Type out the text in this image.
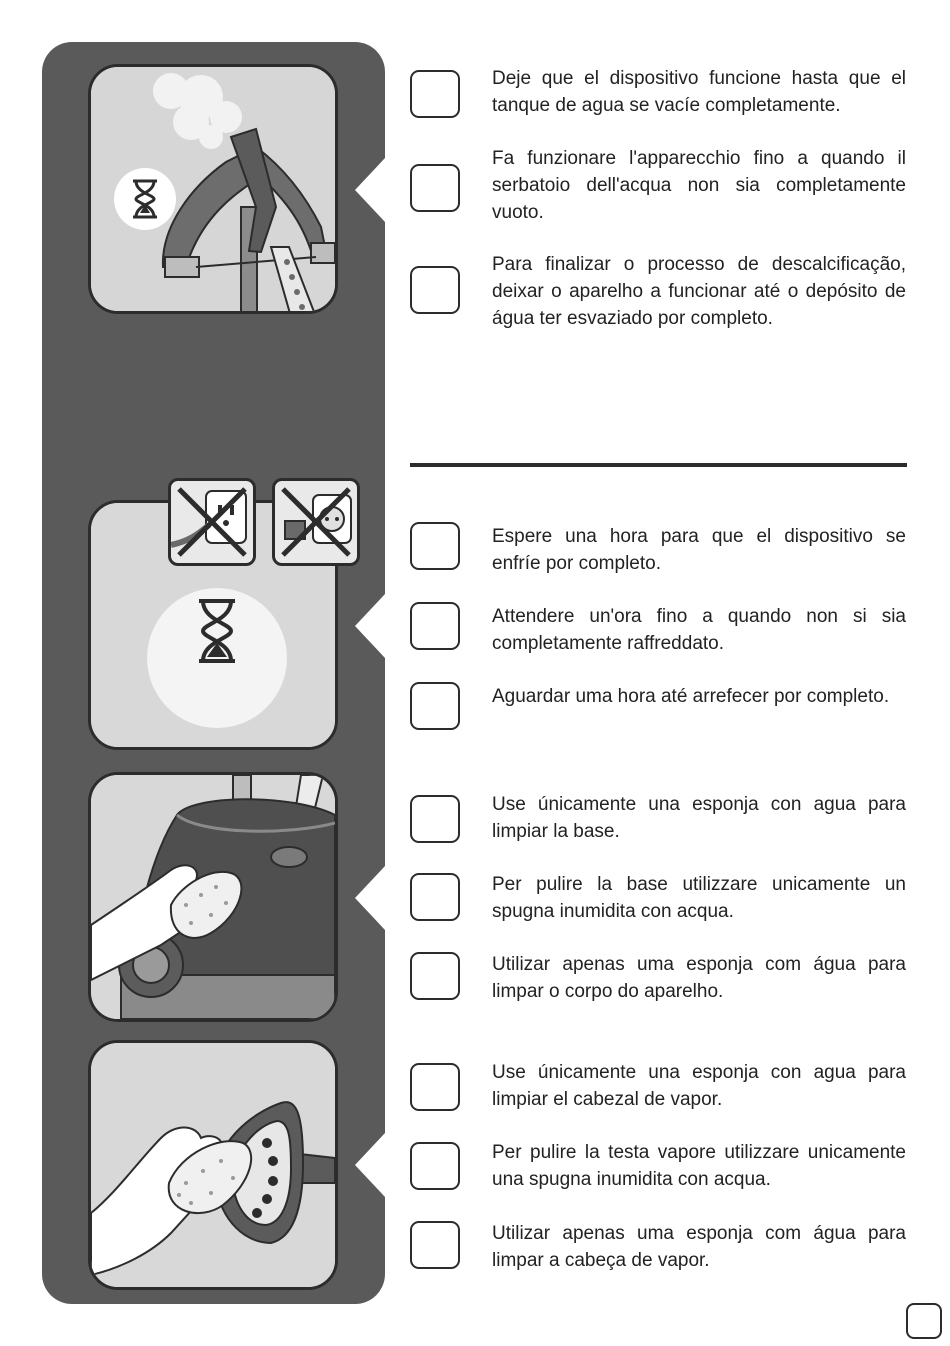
Deje que el dispositivo funcione hasta que el tanque de agua se vacíe completamente.

Fa funzionare l'apparecchio fino a quando il serbatoio dell'acqua non sia completamente vuoto.

Para finalizar o processo de descalcificação, deixar o aparelho a funcionar até o depósito de água ter esvaziado por completo.

Espere una hora para que el dispositivo se enfríe por completo.

Attendere un'ora fino a quando non si sia completamente raffreddato.

Aguardar uma hora até arrefecer por completo.

Use únicamente una esponja con agua para limpiar la base.

Per pulire la base utilizzare unicamente un spugna inumidita con acqua.

Utilizar apenas uma esponja com água para limpar o corpo do aparelho.

Use únicamente una esponja con agua para limpiar el cabezal de vapor.

Per pulire la testa vapore utilizzare unicamente una spugna inumidita con acqua.

Utilizar apenas uma esponja com água para limpar a cabeça de vapor.
